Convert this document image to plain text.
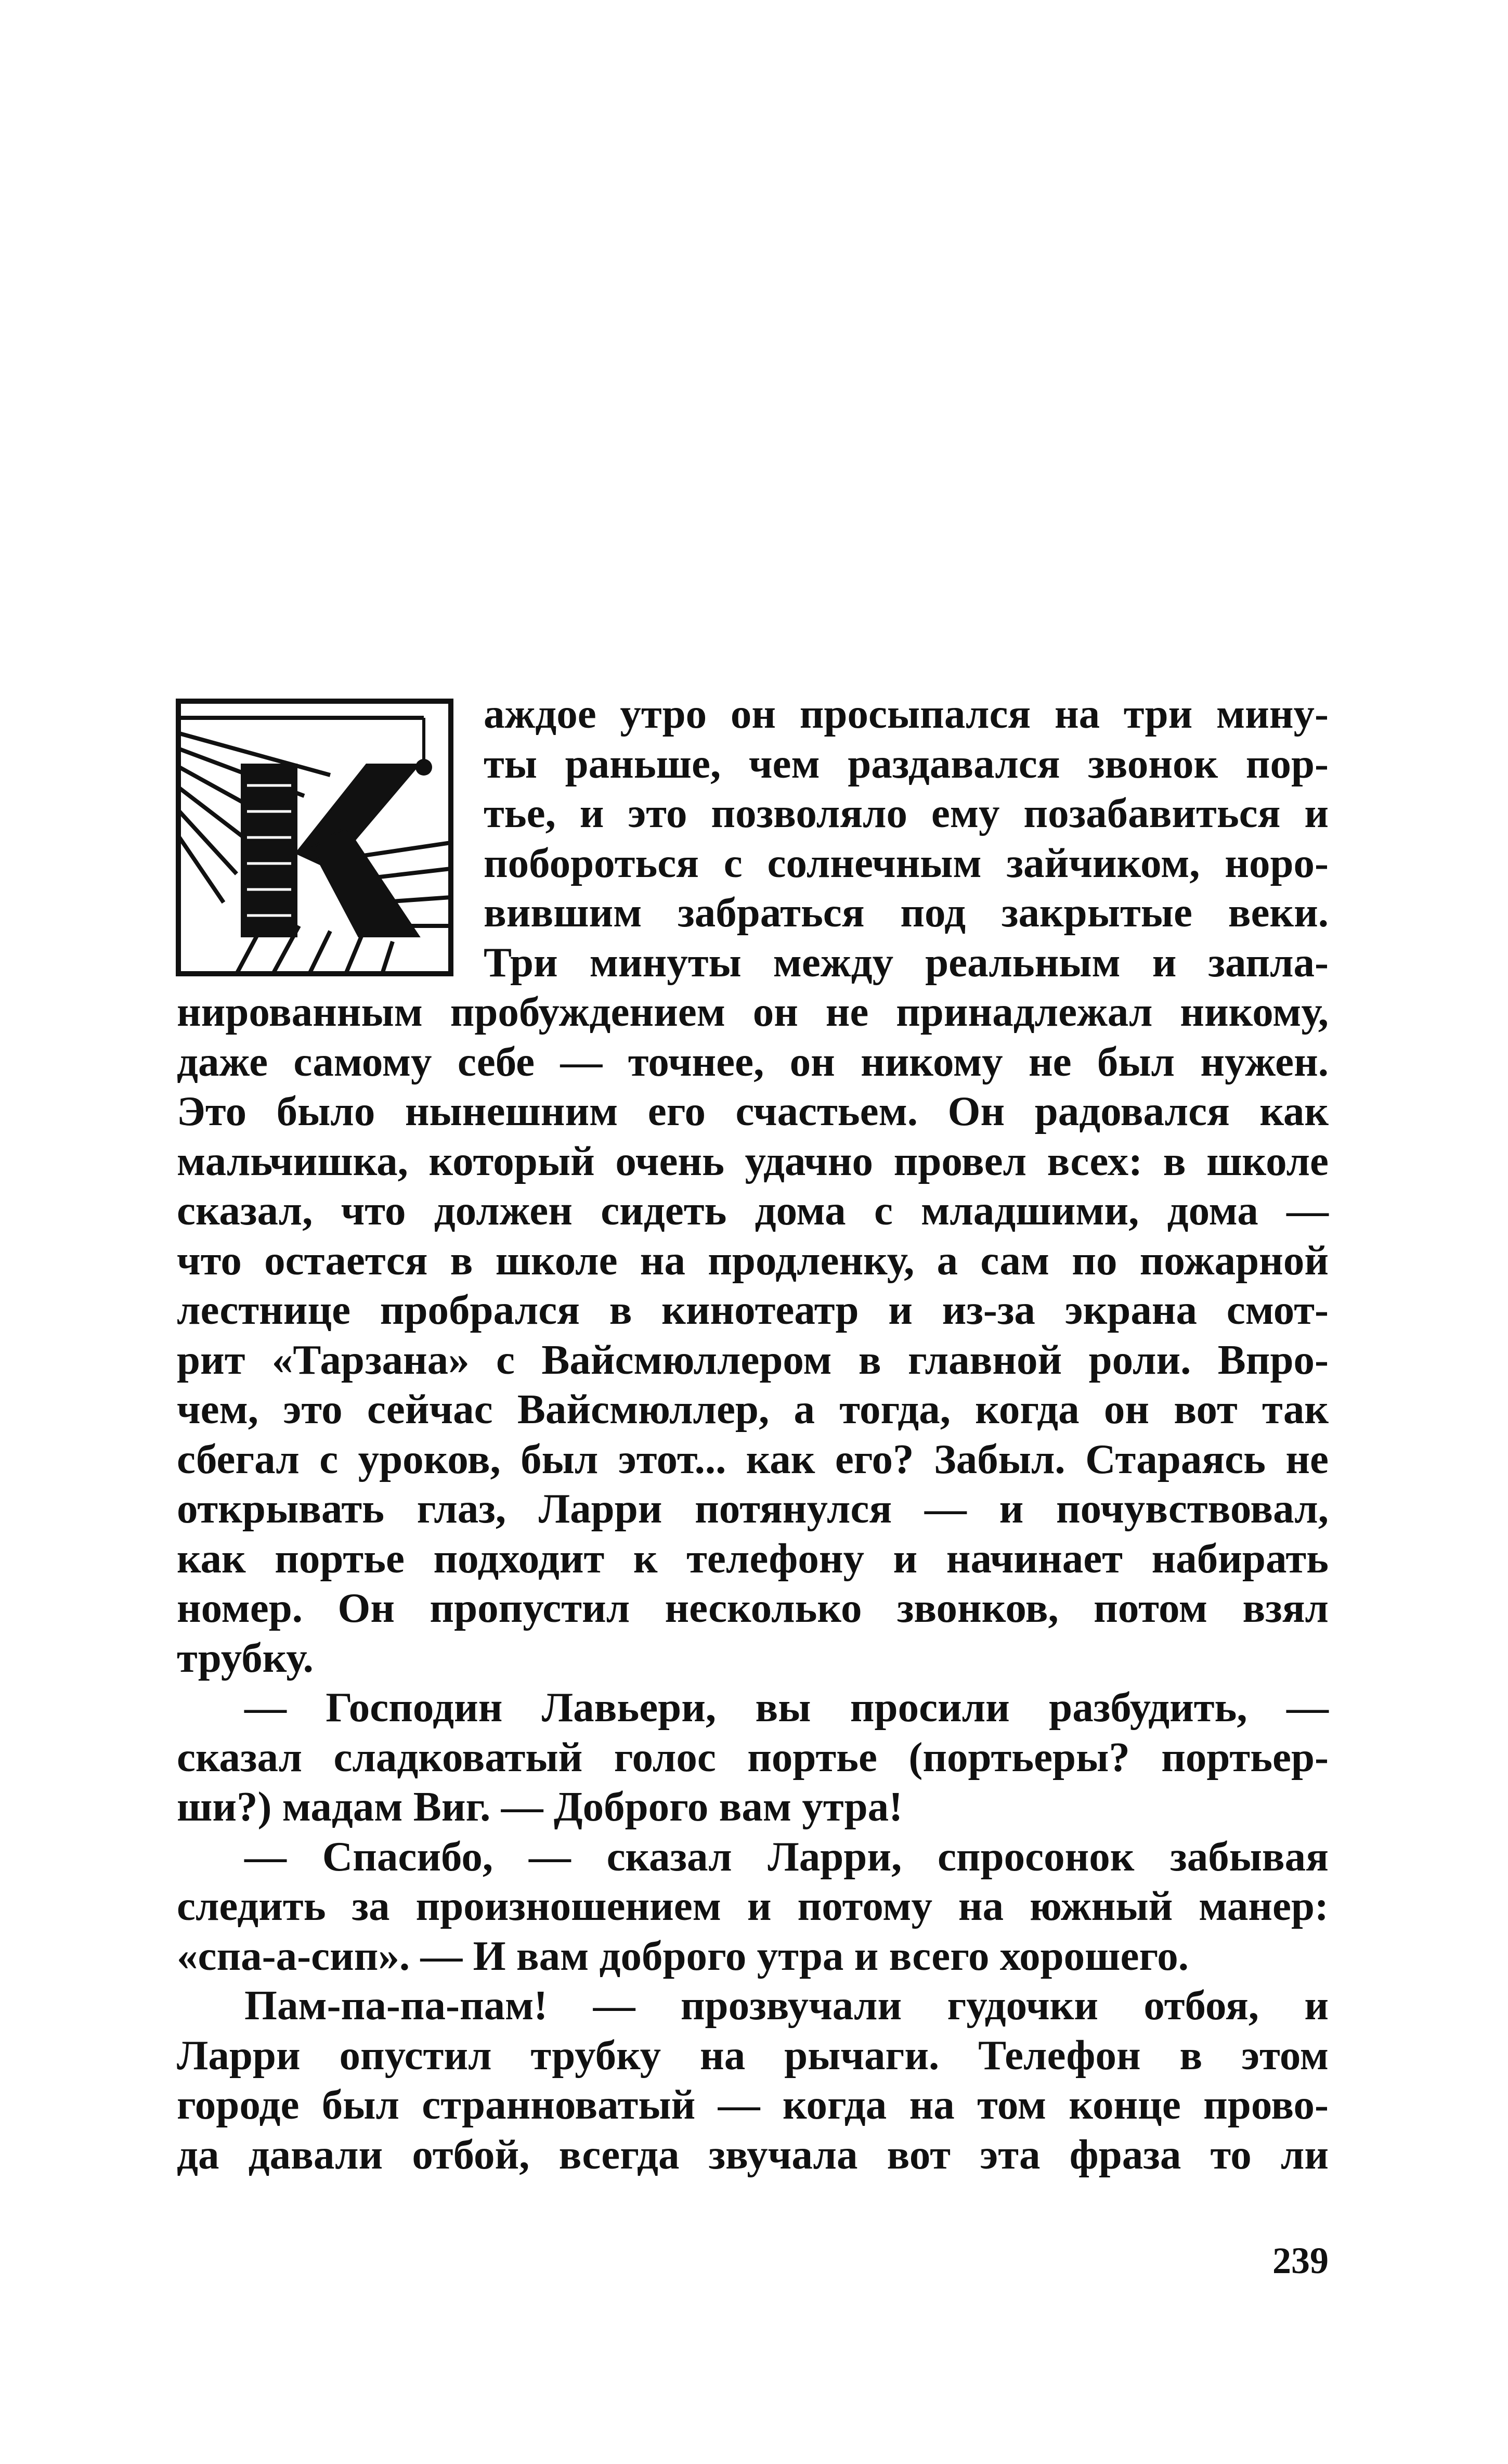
аждое утро он просыпался на три мину-
ты раньше, чем раздавался звонок пор-
тье, и это позволяло ему позабавиться и
побороться с солнечным зайчиком, норо-
вившим забраться под закрытые веки.
Три минуты между реальным и запла-
нированным пробуждением он не принадлежал никому,
даже самому себе — точнее, он никому не был нужен.
Это было нынешним его счастьем. Он радовался как
мальчишка, который очень удачно провел всех: в школе
сказал, что должен сидеть дома с младшими, дома —
что остается в школе на продленку, а сам по пожарной
лестнице пробрался в кинотеатр и из-за экрана смот-
рит «Тарзана» с Вайсмюллером в главной роли. Впро-
чем, это сейчас Вайсмюллер, а тогда, когда он вот так
сбегал с уроков, был этот... как его? Забыл. Стараясь не
открывать глаз, Ларри потянулся — и почувствовал,
как портье подходит к телефону и начинает набирать
номер. Он пропустил несколько звонков, потом взял
трубку.
— Господин Лавьери, вы просили разбудить, —
сказал сладковатый голос портье (портьеры? портьер-
ши?) мадам Виг. — Доброго вам утра!
— Спасибо, — сказал Ларри, спросонок забывая
следить за произношением и потому на южный манер:
«спа-а-сип». — И вам доброго утра и всего хорошего.
Пам-па-па-пам! — прозвучали гудочки отбоя, и
Ларри опустил трубку на рычаги. Телефон в этом
городе был странноватый — когда на том конце прово-
да давали отбой, всегда звучала вот эта фраза то ли
239
